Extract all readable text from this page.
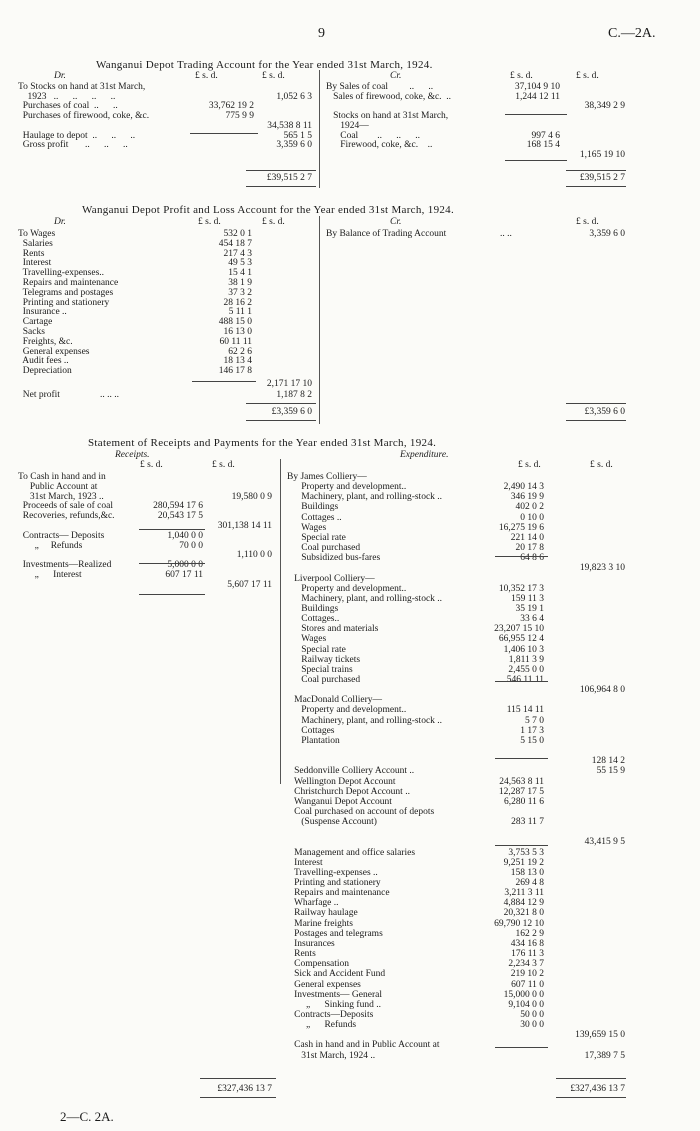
9	C.—2A.
Wanganui Depot Trading Account for the Year ended 31st March, 1924.
Dr.	Cr.
£ s. d.	£ s. d.	£ s. d.	£ s. d.
To Stocks on hand at 31st March,
1923   ..      ..      ..      ..	1,052 6 3
Purchases of coal  ..      ..	33,762 19 2
Purchases of firewood, coke, &c.	775 9 9
34,538 8 11
Haulage to depot  ..      ..      ..	565 1 5
Gross profit       ..      ..      ..	3,359 6 0
By Sales of coal         ..      ..	37,104 9 10
Sales of firewood, coke, &c.  ..	1,244 12 11
38,349 2 9
Stocks on hand at 31st March,
1924—
Coal        ..      ..      ..	997 4 6
Firewood, coke, &c.    ..	168 15 4
1,165 19 10
£39,515 2 7	£39,515 2 7
Wanganui Depot Profit and Loss Account for the Year ended 31st March, 1924.
Dr.	Cr.
£ s. d.	£ s. d.	£ s. d.
To Wages	532 0 1
Salaries	454 18 7
Rents	217 4 3
Interest	49 5 3
Travelling-expenses..	15 4 1
Repairs and maintenance	38 1 9
Telegrams and postages	37 3 2
Printing and stationery	28 16 2
Insurance ..	5 11 1
Cartage	488 15 0
Sacks	16 13 0
Freights, &c.	60 11 11
General expenses	62 2 6
Audit fees ..	18 13 4
Depreciation	146 17 8
2,171 17 10
Net profit	.. .. ..	1,187 8 2
£3,359 6 0
By Balance of Trading Account	.. ..	3,359 6 0
£3,359 6 0
Statement of Receipts and Payments for the Year ended 31st March, 1924.
Receipts.	Expenditure.
£ s. d.	£ s. d.	£ s. d.	£ s. d.
To Cash in hand and in
Public Account at
31st March, 1923 ..	19,580 0 9
Proceeds of sale of coal	280,594 17 6
Recoveries, refunds,&c.	20,543 17 5
301,138 14 11
Contracts— Deposits	1,040 0 0
„     Refunds	70 0 0
1,110 0 0
Investments—Realized	5,000 0 0
„      Interest	607 17 11
5,607 17 11
By James Colliery—
Property and development..	2,490 14 3
Machinery, plant, and rolling-stock ..	346 19 9
Buildings	402 0 2
Cottages ..	0 10 0
Wages	16,275 19 6
Special rate	221 14 0
Coal purchased	20 17 8
Subsidized bus-fares	64 8 6
19,823 3 10
Liverpool Colliery—
Property and development..	10,352 17 3
Machinery, plant, and rolling-stock ..	159 11 3
Buildings	35 19 1
Cottages..	33 6 4
Stores and materials	23,207 15 10
Wages	66,955 12 4
Special rate	1,406 10 3
Railway tickets	1,811 3 9
Special trains	2,455 0 0
Coal purchased	546 11 11
106,964 8 0
MacDonald Colliery—
Property and development..	115 14 11
Machinery, plant, and rolling-stock ..	5 7 0
Cottages	1 17 3
Plantation	5 15 0
128 14 2
Seddonville Colliery Account ..	55 15 9
Wellington Depot Account	24,563 8 11
Christchurch Depot Account ..	12,287 17 5
Wanganui Depot Account	6,280 11 6
Coal purchased on account of depots
(Suspense Account)	283 11 7
43,415 9 5
Management and office salaries	3,753 5 3
Interest	9,251 19 2
Travelling-expenses ..	158 13 0
Printing and stationery	269 4 8
Repairs and maintenance	3,211 3 11
Wharfage ..	4,884 12 9
Railway haulage	20,321 8 0
Marine freights	69,790 12 10
Postages and telegrams	162 2 9
Insurances	434 16 8
Rents	176 11 3
Compensation	2,234 3 7
Sick and Accident Fund	219 10 2
General expenses	607 11 0
Investments— General	15,000 0 0
„      Sinking fund ..	9,104 0 0
Contracts—Deposits	50 0 0
„      Refunds	30 0 0
139,659 15 0
Cash in hand and in Public Account at
31st March, 1924 ..	17,389 7 5
£327,436 13 7	£327,436 13 7
2—C. 2A.
